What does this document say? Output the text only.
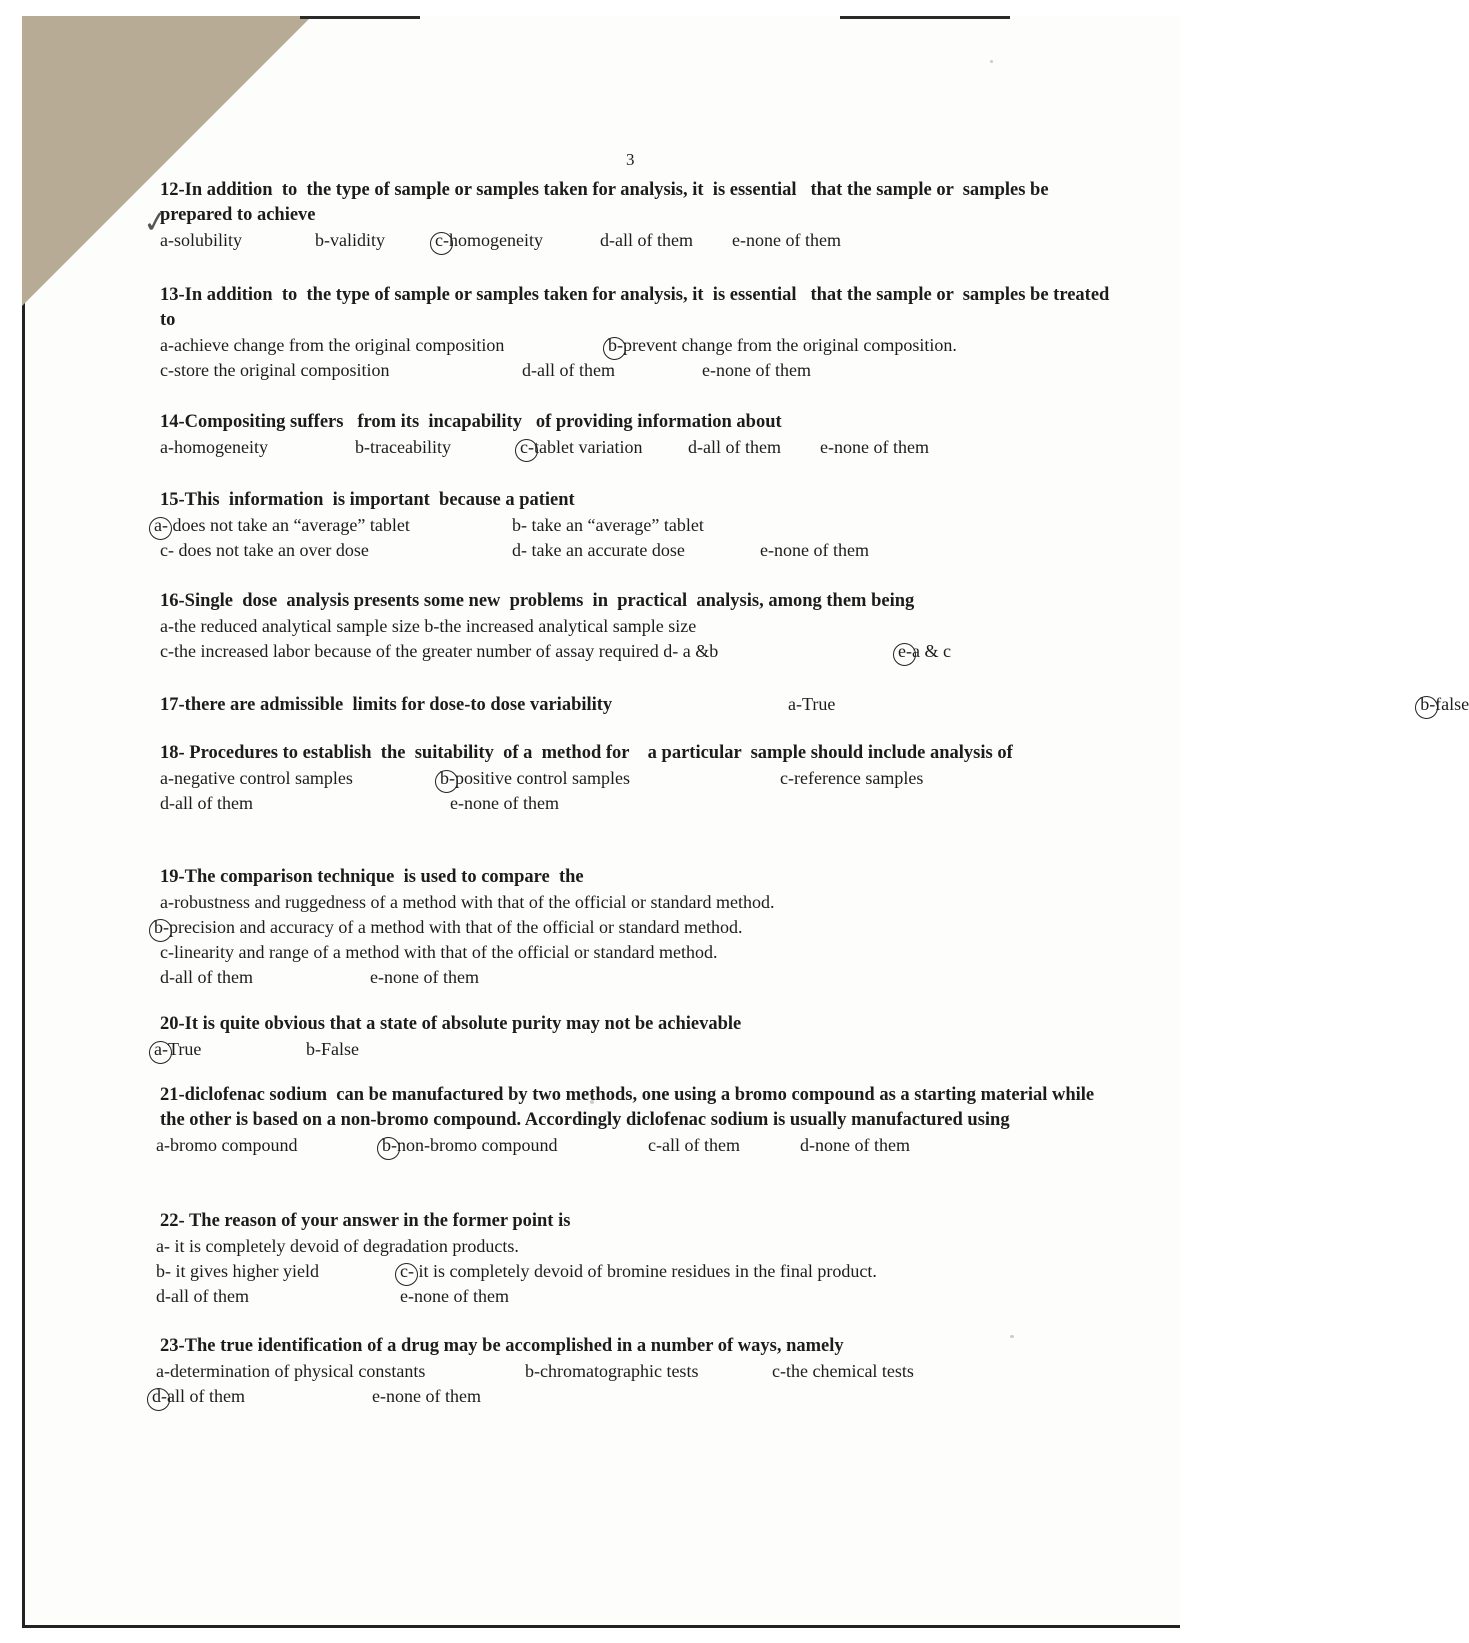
3
✓
12-In addition  to  the type of sample or samples taken for analysis, it  is essential   that the sample or  samples be prepared to achieve
a-solubility	b-validity	c-homogeneity	d-all of them e-none of them
13-In addition  to  the type of sample or samples taken for analysis, it  is essential   that the sample or  samples be treated to
a-achieve change from the original composition	b-prevent change from the original composition.
c-store the original composition	d-all of them	e-none of them
14-Compositing suffers   from its  incapability   of providing information about
a-homogeneity	b-traceability	c-tablet variation	d-all of them e-none of them
15-This  information  is important  because a patient
a- does not take an “average” tablet	b- take an “average” tablet
c- does not take an over dose	d- take an accurate dose	e-none of them
16-Single  dose  analysis presents some new  problems  in  practical  analysis, among them being
a-the reduced analytical sample size b-the increased analytical sample size
c-the increased labor because of the greater number of assay required d- a &b	e-a & c
17-there are admissible  limits for dose-to dose variability	a-True	b-false
18- Procedures to establish  the  suitability  of a  method for    a particular  sample should include analysis of
a-negative control samples	b-positive control samples	c-reference samples
d-all of them	e-none of them
19-The comparison technique  is used to compare  the
a-robustness and ruggedness of a method with that of the official or standard method.
b-precision and accuracy of a method with that of the official or standard method.
c-linearity and range of a method with that of the official or standard method.
d-all of them	e-none of them
20-It is quite obvious that a state of absolute purity may not be achievable
a-True	b-False
21-diclofenac sodium  can be manufactured by two methods, one using a bromo compound as a starting material while the other is based on a non-bromo compound. Accordingly diclofenac sodium is usually manufactured using
a-bromo compound	b-non-bromo compound	c-all of them	d-none of them
22- The reason of your answer in the former point is
a- it is completely devoid of degradation products.
b- it gives higher yield	c- it is completely devoid of bromine residues in the final product.
d-all of them	e-none of them
23-The true identification of a drug may be accomplished in a number of ways, namely
a-determination of physical constants	b-chromatographic tests	c-the chemical tests
d-all of them	e-none of them
